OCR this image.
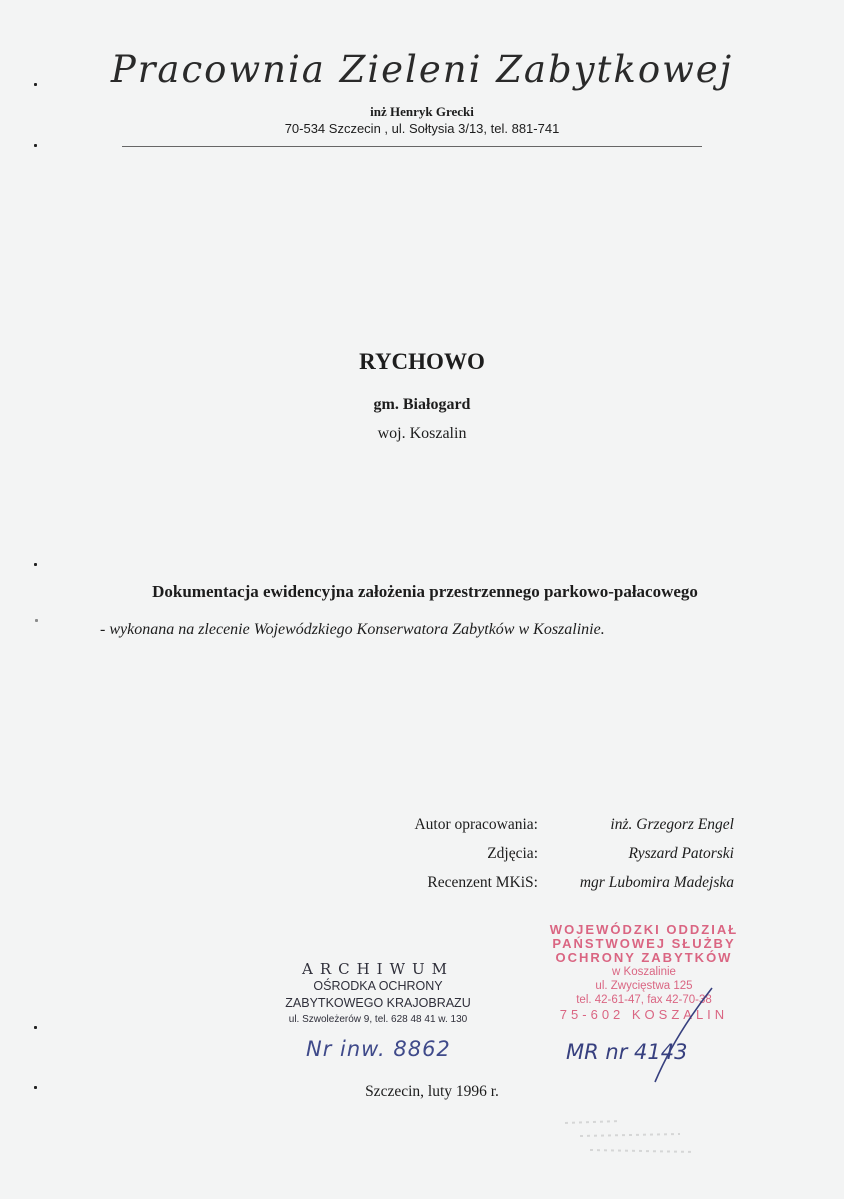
Pracownia Zieleni Zabytkowej
inż Henryk Grecki
70-534 Szczecin , ul. Sołtysia 3/13, tel. 881-741
RYCHOWO
gm. Białogard
woj. Koszalin
Dokumentacja ewidencyjna założenia przestrzennego parkowo-pałacowego
- wykonana na zlecenie Wojewódzkiego Konserwatora Zabytków w Koszalinie.
Autor opracowania:	inż. Grzegorz Engel
Zdjęcia:	Ryszard Patorski
Recenzent MKiS:	mgr Lubomira Madejska
ARCHIWUM
OŚRODKA OCHRONY
ZABYTKOWEGO KRAJOBRAZU
ul. Szwoleżerów 9, tel. 628 48 41 w. 130
Nr inw. 8862
WOJEWÓDZKI ODDZIAŁ
PAŃSTWOWEJ SŁUŻBY
OCHRONY ZABYTKÓW
w Koszalinie
ul. Zwycięstwa 125
tel. 42-61-47, fax 42-70-38
75-602 KOSZALIN
MR nr 4143
Szczecin, luty 1996 r.
